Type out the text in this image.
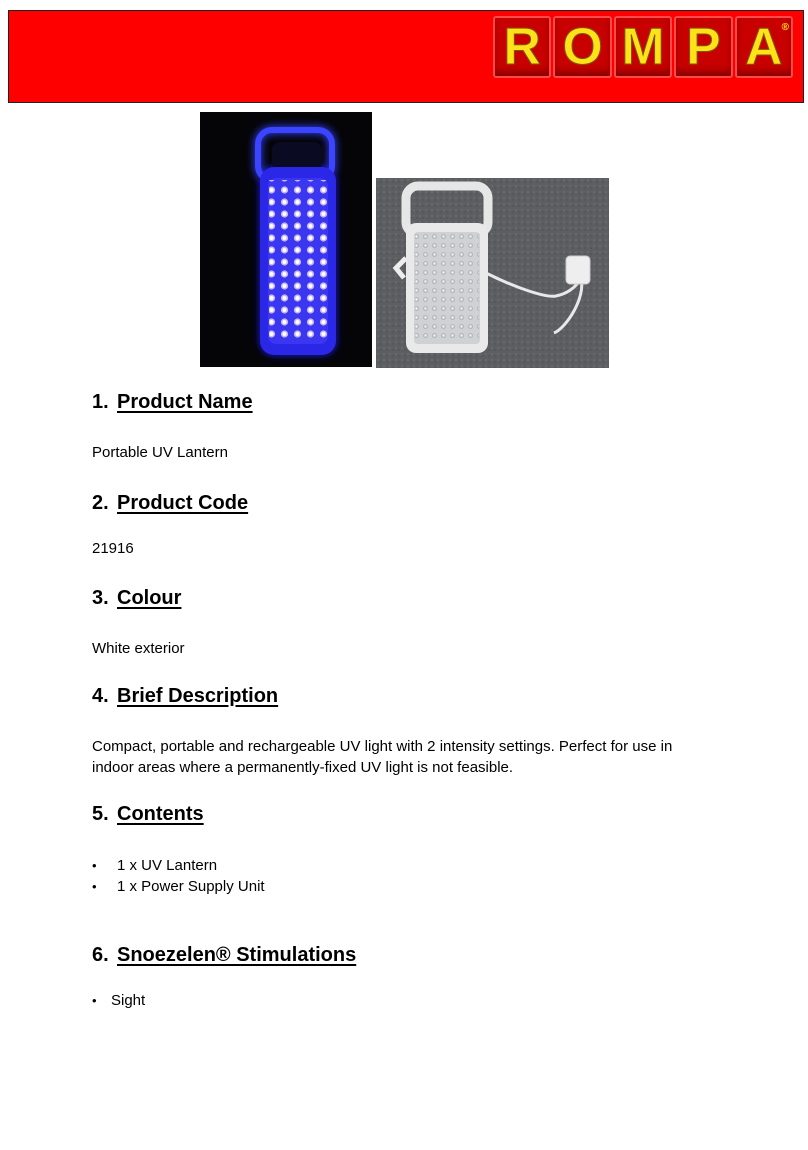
R O M P A ®
1. Product Name
Portable UV Lantern
2. Product Code
21916
3. Colour
White exterior
4. Brief Description
Compact, portable and rechargeable UV light with 2 intensity settings. Perfect for use in indoor areas where a permanently-fixed UV light is not feasible.
5. Contents
•	1 x UV Lantern
•	1 x Power Supply Unit
6. Snoezelen® Stimulations
• Sight
